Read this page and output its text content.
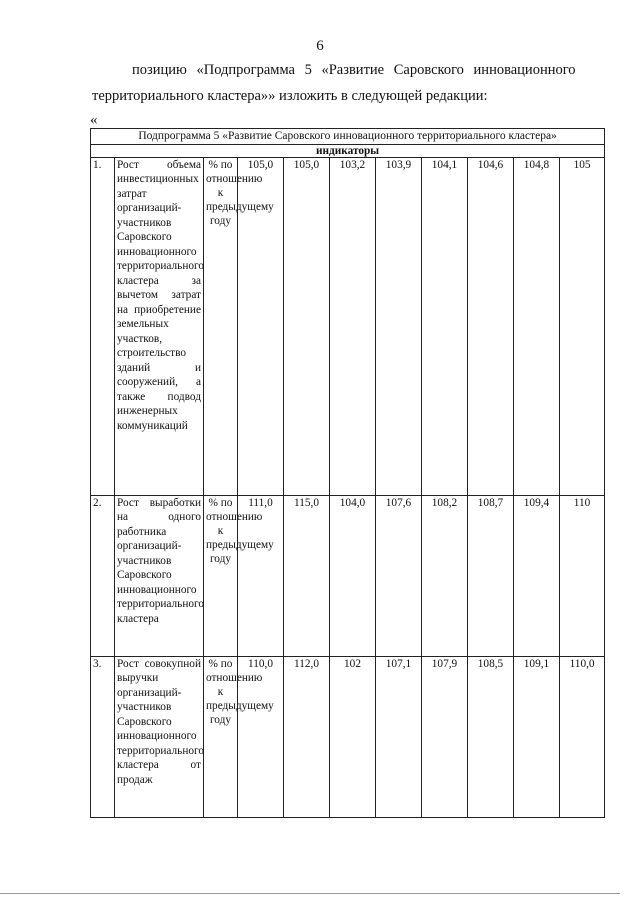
6
позицию «Подпрограмма 5 «Развитие Саровского инновационного
территориального кластера»» изложить в следующей редакции:
«
Подпрограмма 5 «Развитие Саровского инновационного территориального кластера»										
индикаторы										
1.	Рост объема инвестиционных затрат организаций-участников Саровского инновационного территориального кластера за вычетом затрат на приобретение земельных участков, строительство зданий и сооружений, а также подвод инженерных коммуникаций	% по отношению к предыдущему году	105,0	105,0	103,2	103,9	104,1	104,6	104,8	105
2.	Рост выработки на одного работника организаций-участников Саровского инновационного территориального кластера	% по отношению к предыдущему году	111,0	115,0	104,0	107,6	108,2	108,7	109,4	110
3.	Рост совокупной выручки организаций-участников Саровского инновационного территориального кластера от продаж	% по отношению к предыдущему году	110,0	112,0	102	107,1	107,9	108,5	109,1	110,0
